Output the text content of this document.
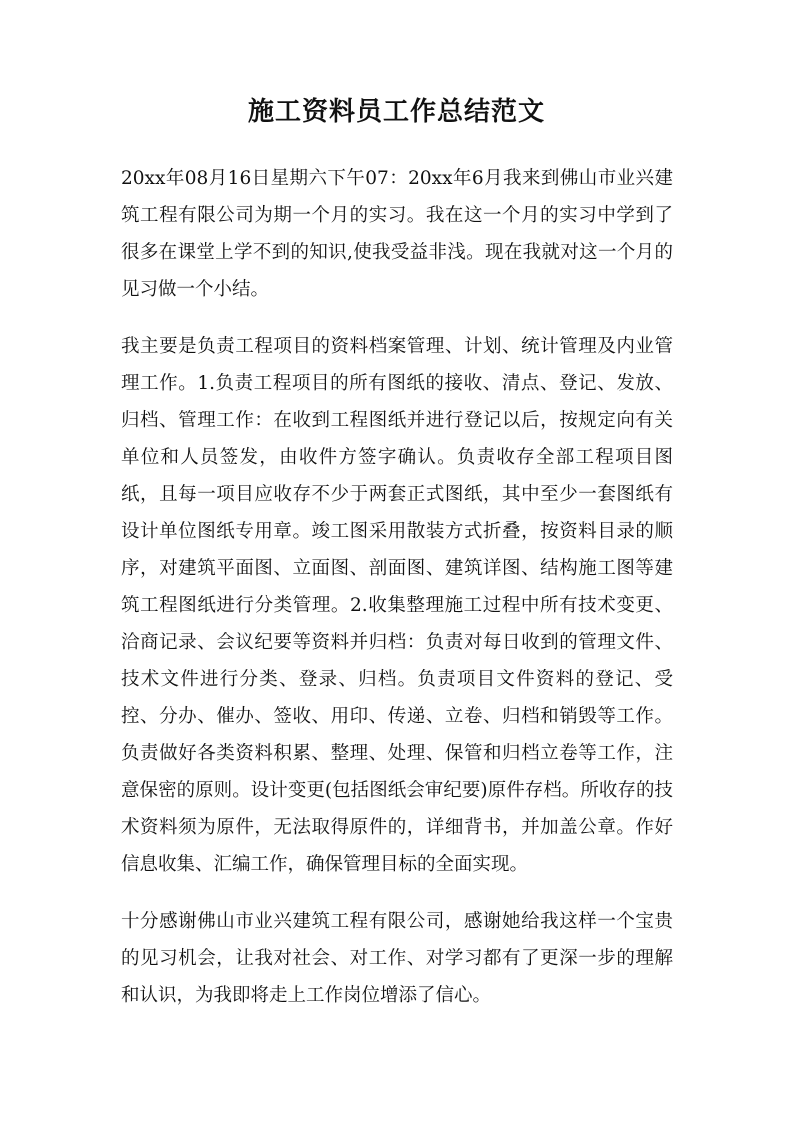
施工资料员工作总结范文

20xx年08月16日星期六下午07：20xx年6月我来到佛山市业兴建筑工程有限公司为期一个月的实习。我在这一个月的实习中学到了很多在课堂上学不到的知识,使我受益非浅。现在我就对这一个月的见习做一个小结。

我主要是负责工程项目的资料档案管理、计划、统计管理及内业管理工作。1.负责工程项目的所有图纸的接收、清点、登记、发放、归档、管理工作：在收到工程图纸并进行登记以后，按规定向有关单位和人员签发，由收件方签字确认。负责收存全部工程项目图纸，且每一项目应收存不少于两套正式图纸，其中至少一套图纸有设计单位图纸专用章。竣工图采用散装方式折叠，按资料目录的顺序，对建筑平面图、立面图、剖面图、建筑详图、结构施工图等建筑工程图纸进行分类管理。2.收集整理施工过程中所有技术变更、洽商记录、会议纪要等资料并归档：负责对每日收到的管理文件、技术文件进行分类、登录、归档。负责项目文件资料的登记、受控、分办、催办、签收、用印、传递、立卷、归档和销毁等工作。负责做好各类资料积累、整理、处理、保管和归档立卷等工作，注意保密的原则。设计变更(包括图纸会审纪要)原件存档。所收存的技术资料须为原件，无法取得原件的，详细背书，并加盖公章。作好信息收集、汇编工作，确保管理目标的全面实现。

十分感谢佛山市业兴建筑工程有限公司，感谢她给我这样一个宝贵的见习机会，让我对社会、对工作、对学习都有了更深一步的理解和认识，为我即将走上工作岗位增添了信心。
